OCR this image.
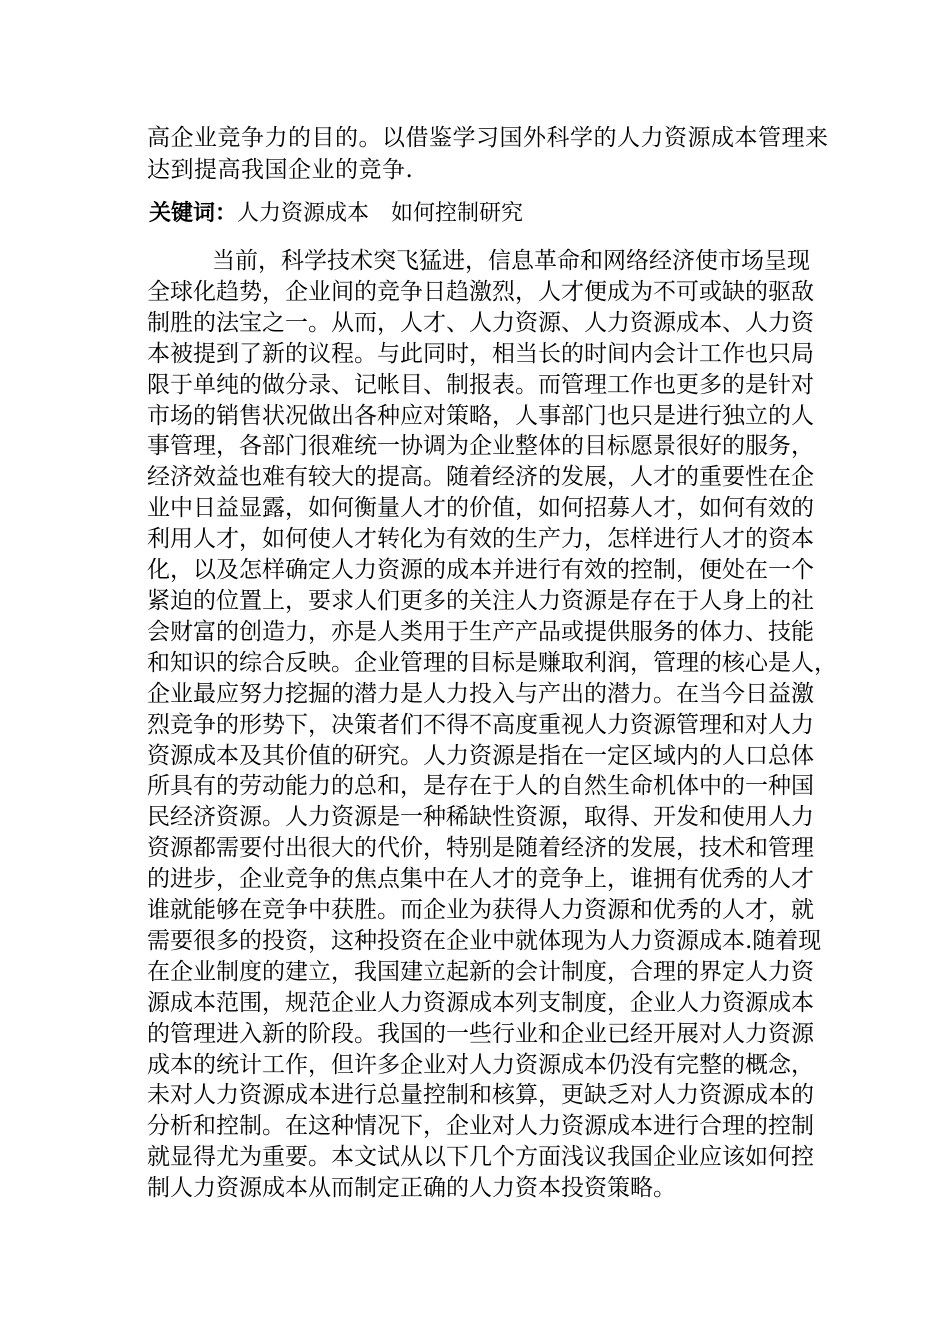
高企业竞争力的目的。以借鉴学习国外科学的人力资源成本管理来
达到提高我国企业的竞争.
关键词：人力资源成本 如何控制研究
当前，科学技术突飞猛进，信息革命和网络经济使市场呈现
全球化趋势，企业间的竞争日趋激烈，人才便成为不可或缺的驱敌
制胜的法宝之一。从而，人才、人力资源、人力资源成本、人力资
本被提到了新的议程。与此同时，相当长的时间内会计工作也只局
限于单纯的做分录、记帐目、制报表。而管理工作也更多的是针对
市场的销售状况做出各种应对策略，人事部门也只是进行独立的人
事管理，各部门很难统一协调为企业整体的目标愿景很好的服务，
经济效益也难有较大的提高。随着经济的发展，人才的重要性在企
业中日益显露，如何衡量人才的价值，如何招募人才，如何有效的
利用人才，如何使人才转化为有效的生产力，怎样进行人才的资本
化，以及怎样确定人力资源的成本并进行有效的控制，便处在一个
紧迫的位置上，要求人们更多的关注人力资源是存在于人身上的社
会财富的创造力，亦是人类用于生产产品或提供服务的体力、技能
和知识的综合反映。企业管理的目标是赚取利润，管理的核心是人，
企业最应努力挖掘的潜力是人力投入与产出的潜力。在当今日益激
烈竞争的形势下，决策者们不得不高度重视人力资源管理和对人力
资源成本及其价值的研究。人力资源是指在一定区域内的人口总体
所具有的劳动能力的总和，是存在于人的自然生命机体中的一种国
民经济资源。人力资源是一种稀缺性资源，取得、开发和使用人力
资源都需要付出很大的代价，特别是随着经济的发展，技术和管理
的进步，企业竞争的焦点集中在人才的竞争上，谁拥有优秀的人才
谁就能够在竞争中获胜。而企业为获得人力资源和优秀的人才，就
需要很多的投资，这种投资在企业中就体现为人力资源成本.随着现
在企业制度的建立，我国建立起新的会计制度，合理的界定人力资
源成本范围，规范企业人力资源成本列支制度，企业人力资源成本
的管理进入新的阶段。我国的一些行业和企业已经开展对人力资源
成本的统计工作，但许多企业对人力资源成本仍没有完整的概念，
未对人力资源成本进行总量控制和核算，更缺乏对人力资源成本的
分析和控制。在这种情况下，企业对人力资源成本进行合理的控制
就显得尤为重要。本文试从以下几个方面浅议我国企业应该如何控
制人力资源成本从而制定正确的人力资本投资策略。
